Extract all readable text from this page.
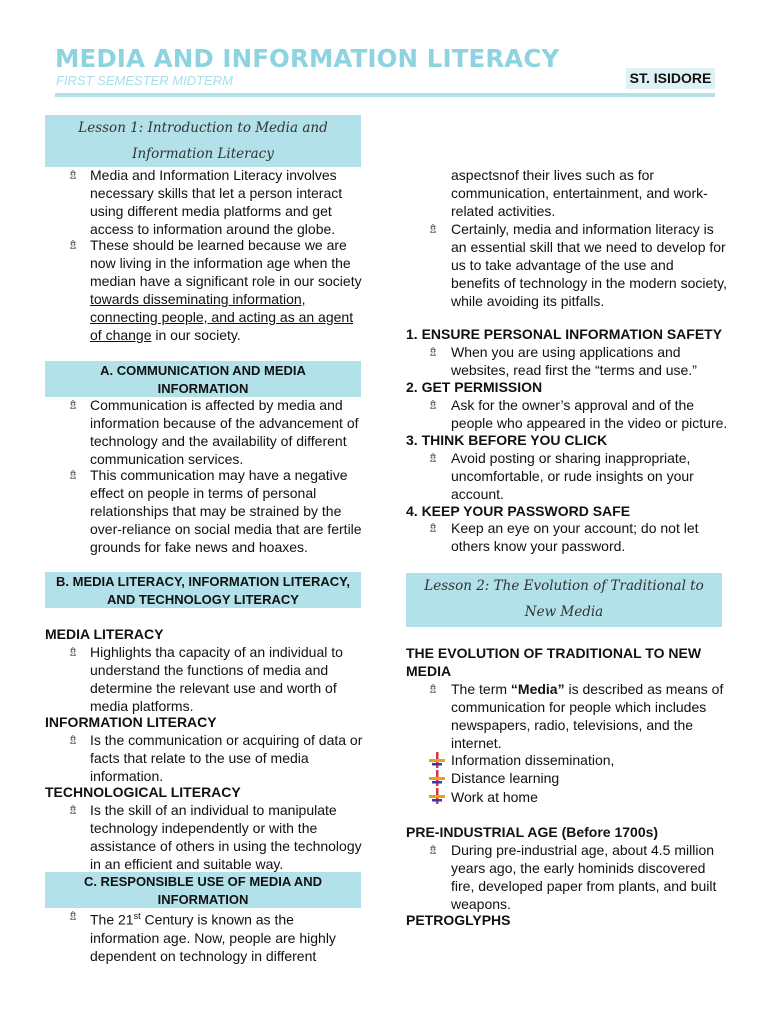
MEDIA AND INFORMATION LITERACY
FIRST SEMESTER MIDTERM	ST. ISIDORE
Lesson 1: Introduction to Media and
Information Literacy
⇯ Media and Information Literacy involves
necessary skills that let a person interact
using different media platforms and get
access to information around the globe.
⇯ These should be learned because we are
now living in the information age when the
median have a significant role in our society
towards disseminating information,
connecting people, and acting as an agent
of change in our society.
A. COMMUNICATION AND MEDIA
INFORMATION
⇯ Communication is affected by media and
information because of the advancement of
technology and the availability of different
communication services.
⇯ This communication may have a negative
effect on people in terms of personal
relationships that may be strained by the
over-reliance on social media that are fertile
grounds for fake news and hoaxes.
B. MEDIA LITERACY, INFORMATION LITERACY,
AND TECHNOLOGY LITERACY
MEDIA LITERACY
⇯ Highlights tha capacity of an individual to
understand the functions of media and
determine the relevant use and worth of
media platforms.
INFORMATION LITERACY
⇯ Is the communication or acquiring of data or
facts that relate to the use of media
information.
TECHNOLOGICAL LITERACY
⇯ Is the skill of an individual to manipulate
technology independently or with the
assistance of others in using the technology
in an efficient and suitable way.
C. RESPONSIBLE USE OF MEDIA AND
INFORMATION
⇯ The 21st Century is known as the
information age. Now, people are highly
dependent on technology in different
aspectsnof their lives such as for
communication, entertainment, and work-
related activities.
⇯ Certainly, media and information literacy is
an essential skill that we need to develop for
us to take advantage of the use and
benefits of technology in the modern society,
while avoiding its pitfalls.
1. ENSURE PERSONAL INFORMATION SAFETY
⇯ When you are using applications and
websites, read first the “terms and use.”
2. GET PERMISSION
⇯ Ask for the owner’s approval and of the
people who appeared in the video or picture.
3. THINK BEFORE YOU CLICK
⇯ Avoid posting or sharing inappropriate,
uncomfortable, or rude insights on your
account.
4. KEEP YOUR PASSWORD SAFE
⇯ Keep an eye on your account; do not let
others know your password.
Lesson 2: The Evolution of Traditional to
New Media
THE EVOLUTION OF TRADITIONAL TO NEW
MEDIA
⇯ The term “Media” is described as means of
communication for people which includes
newspapers, radio, televisions, and the
internet.
Information dissemination,
Distance learning
Work at home
PRE-INDUSTRIAL AGE (Before 1700s)
⇯ During pre-industrial age, about 4.5 million
years ago, the early hominids discovered
fire, developed paper from plants, and built
weapons.
PETROGLYPHS
